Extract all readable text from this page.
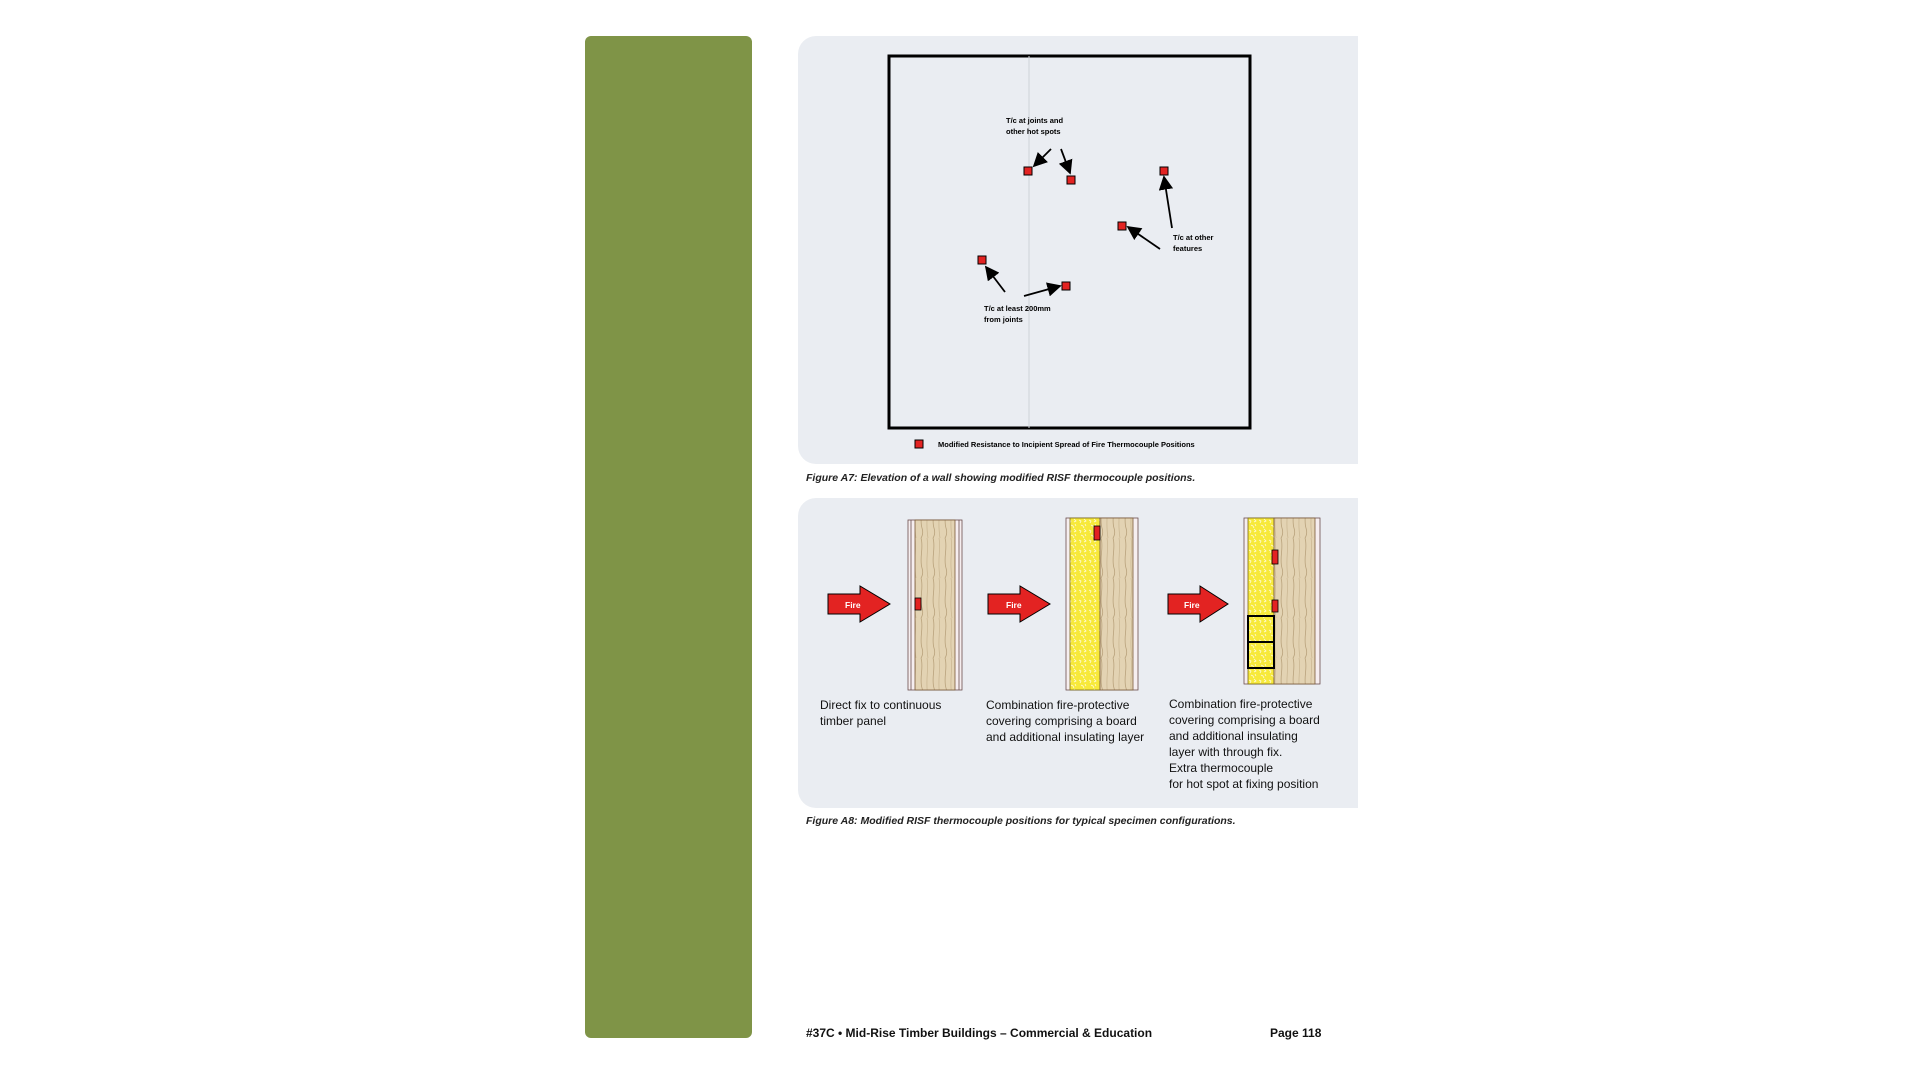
T/c at joints and other hot spots
T/c at other features
T/c at least 200mm from joints
Modified Resistance to Incipient Spread of Fire Thermocouple Positions
Figure A7: Elevation of a wall showing modified RISF thermocouple positions.
Fire	Fire	Fire
Direct fix to continuous
timber panel
Combination fire-protective
covering comprising a board
and additional insulating layer
Combination fire-protective
covering comprising a board
and additional insulating
layer with through fix.
Extra thermocouple
for hot spot at fixing position
Figure A8: Modified RISF thermocouple positions for typical specimen configurations.
#37C • Mid-Rise Timber Buildings – Commercial & Education	Page 118
